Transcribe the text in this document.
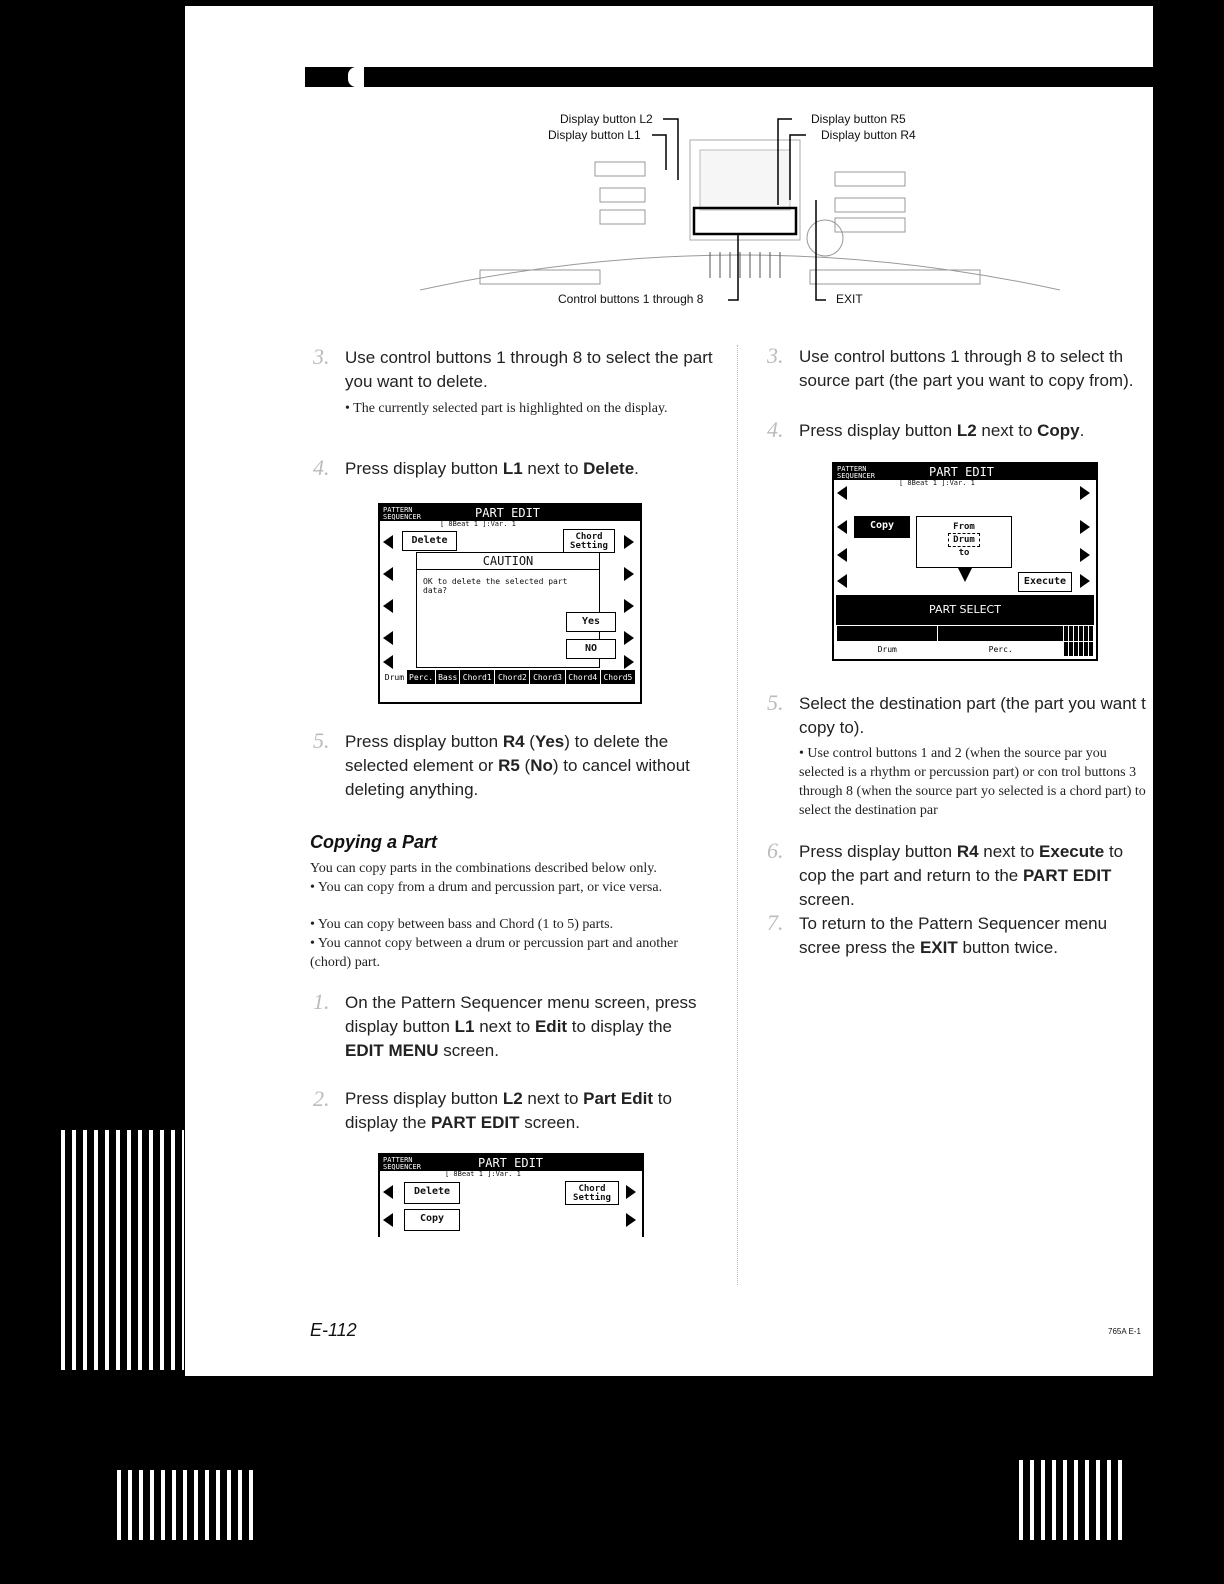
Display button L2
Display button L1
Display button R5
Display button R4
Control buttons 1 through 8	EXIT
3. Use control buttons 1 through 8 to select the part you want to delete.
• The currently selected part is highlighted on the display.
4. Press display button L1 next to Delete.
PATTERN SEQUENCER	PART EDIT
[ 8Beat 1 ]:Var. 1
Delete	Chord Setting
CAUTION
OK to delete the selected part data?
Yes
NO
Drum	Perc.	Bass	Chord1	Chord2	Chord3	Chord4	Chord5
5. Press display button R4 (Yes) to delete the selected element or R5 (No) to cancel without deleting anything.
Copying a Part
You can copy parts in the combinations described below only.
• You can copy from a drum and percussion part, or vice versa.
• You can copy between bass and Chord (1 to 5) parts.
• You cannot copy between a drum or percussion part and another (chord) part.
1. On the Pattern Sequencer menu screen, press display button L1 next to Edit to display the EDIT MENU screen.
2. Press display button L2 next to Part Edit to display the PART EDIT screen.
PATTERN SEQUENCER	PART EDIT
[ 8Beat 1 ]:Var. 1
Delete
Copy
Chord Setting
3. Use control buttons 1 through 8 to select th source part (the part you want to copy from).
4. Press display button L2 next to Copy.
PATTERN SEQUENCER	PART EDIT
[ 8Beat 1 ]:Var. 1
Copy	From
Drum
to
Execute
PART SELECT

Drum	Perc.						
5. Select the destination part (the part you want t copy to).
• Use control buttons 1 and 2 (when the source par you selected is a rhythm or percussion part) or con trol buttons 3 through 8 (when the source part yo selected is a chord part) to select the destination par
6. Press display button R4 next to Execute to cop the part and return to the PART EDIT screen.
7. To return to the Pattern Sequencer menu scree press the EXIT button twice.
E-112	765A E-1
